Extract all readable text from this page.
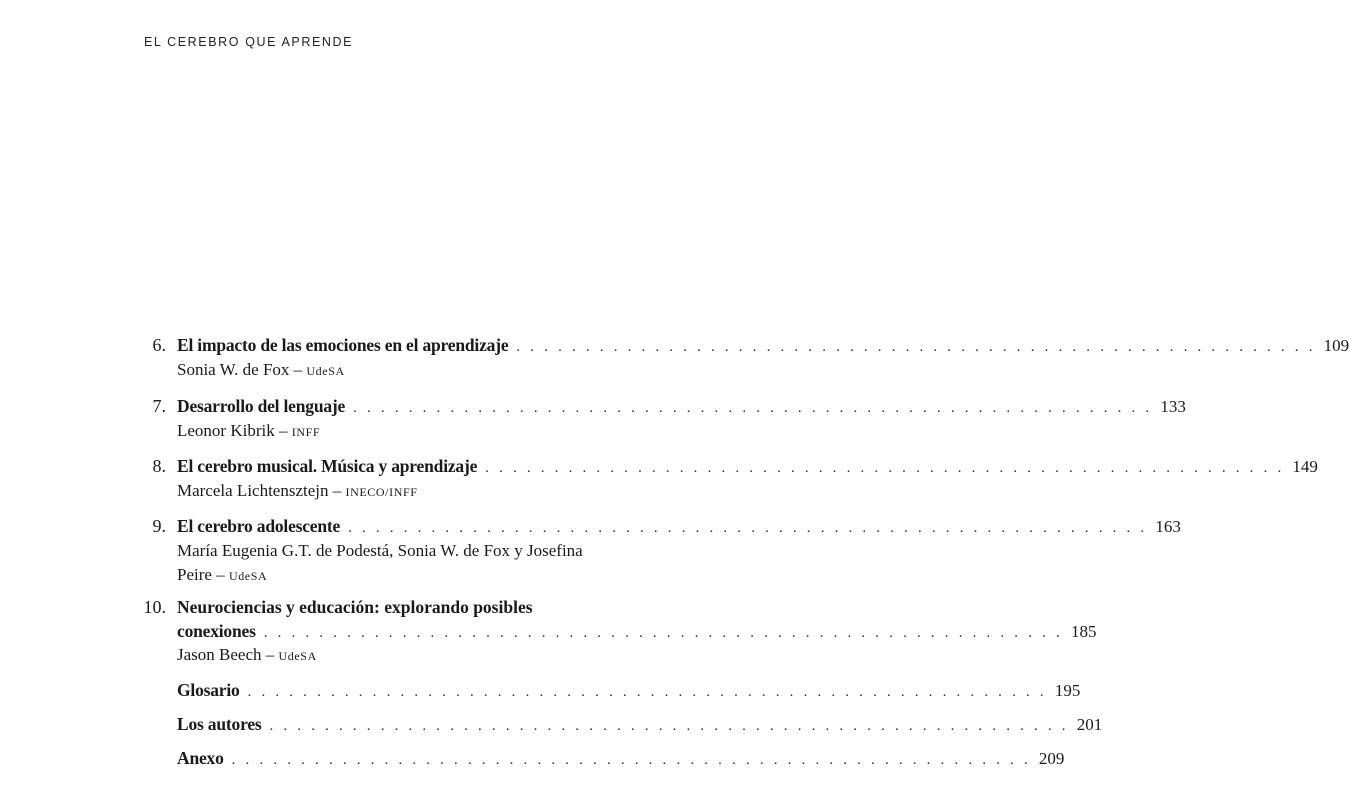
EL CEREBRO QUE APRENDE
6. El impacto de las emociones en el aprendizaje . . . . . . . . . . . . . . . . . . . . . . . . . . . . . . . . . . . . . . . . . . . . . . . . . . . . . . . . . . 109
Sonia W. de Fox – UdeSA
7. Desarrollo del lenguaje . . . . . . . . . . . . . . . . . . . . . . . . . . . . . . . . . . . . . . . . . . . . . . . . . . . . . . . . . . 133
Leonor Kibrik – INFF
8. El cerebro musical. Música y aprendizaje . . . . . . . . . . . . . . . . . . . . . . . . . . . . . . . . . . . . . . . . . . . . . . . . . . . . . . . . . . 149
Marcela Lichtensztejn – INECO/INFF
9. El cerebro adolescente . . . . . . . . . . . . . . . . . . . . . . . . . . . . . . . . . . . . . . . . . . . . . . . . . . . . . . . . . . 163
María Eugenia G.T. de Podestá, Sonia W. de Fox y Josefina
Peire – UdeSA
10. Neurociencias y educación: explorando posibles
conexiones . . . . . . . . . . . . . . . . . . . . . . . . . . . . . . . . . . . . . . . . . . . . . . . . . . . . . . . . . . 185
Jason Beech – UdeSA
Glosario . . . . . . . . . . . . . . . . . . . . . . . . . . . . . . . . . . . . . . . . . . . . . . . . . . . . . . . . . . 195
Los autores . . . . . . . . . . . . . . . . . . . . . . . . . . . . . . . . . . . . . . . . . . . . . . . . . . . . . . . . . . 201
Anexo . . . . . . . . . . . . . . . . . . . . . . . . . . . . . . . . . . . . . . . . . . . . . . . . . . . . . . . . . . 209
